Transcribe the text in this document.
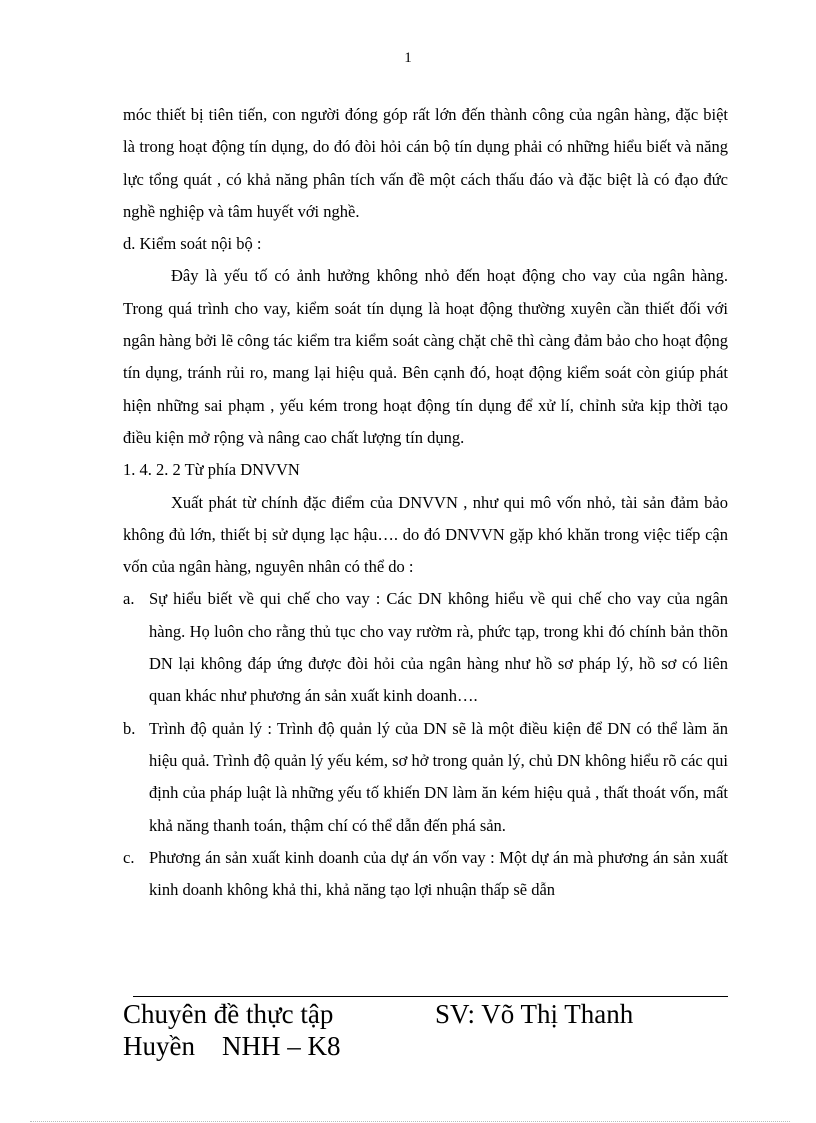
1

móc thiết bị tiên tiến, con người đóng góp rất lớn đến thành công của ngân hàng, đặc biệt là trong hoạt động tín dụng, do đó đòi hỏi cán bộ tín dụng phải có những hiểu biết và năng lực tổng quát , có khả năng phân tích vấn đề một cách thấu đáo và đặc biệt là có đạo đức nghề nghiệp và tâm huyết với nghề.

d. Kiểm soát nội bộ :

Đây là yếu tố có ảnh hưởng không nhỏ đến hoạt động cho vay của ngân hàng. Trong quá trình cho vay, kiểm soát tín dụng là hoạt động thường xuyên cần thiết đối với ngân hàng bởi lẽ công tác kiểm tra kiểm soát càng chặt chẽ thì càng đảm bảo cho hoạt động tín dụng, tránh rủi ro, mang lại hiệu quả. Bên cạnh đó, hoạt động kiểm soát còn giúp phát hiện những sai phạm , yếu kém trong hoạt động tín dụng để xử lí, chỉnh sửa kịp thời tạo điều kiện mở rộng và nâng cao chất lượng tín dụng.

1. 4. 2. 2 Từ phía DNVVN

Xuất phát từ chính đặc điểm của DNVVN , như qui mô vốn nhỏ, tài sản đảm bảo không đủ lớn, thiết bị sử dụng lạc hậu…. do đó DNVVN gặp khó khăn trong việc tiếp cận vốn của ngân hàng, nguyên nhân có thể do :

a. Sự hiểu biết về qui chế cho vay : Các DN không hiểu về qui chế cho vay của ngân hàng. Họ luôn cho rằng thủ tục cho vay rườm rà, phức tạp, trong khi đó chính bản thõn DN lại không đáp ứng được đòi hỏi của ngân hàng như hồ sơ pháp lý, hồ sơ có liên quan khác như phương án sản xuất kinh doanh….
b. Trình độ quản lý : Trình độ quản lý của DN sẽ là một điều kiện để DN có thể làm ăn hiệu quả. Trình độ quản lý yếu kém, sơ hở trong quản lý, chủ DN không hiểu rõ các qui định của pháp luật là những yếu tố khiến DN làm ăn kém hiệu quả , thất thoát vốn, mất khả năng thanh toán, thậm chí có thể dẫn đến phá sản.
c. Phương án sản xuất kinh doanh của dự án vốn vay : Một dự án mà phương án sản xuất kinh doanh không khả thi, khả năng tạo lợi nhuận thấp sẽ dẫn
Chuyên đề thực tập	SV: Võ Thị Thanh
Huyền    NHH – K8
